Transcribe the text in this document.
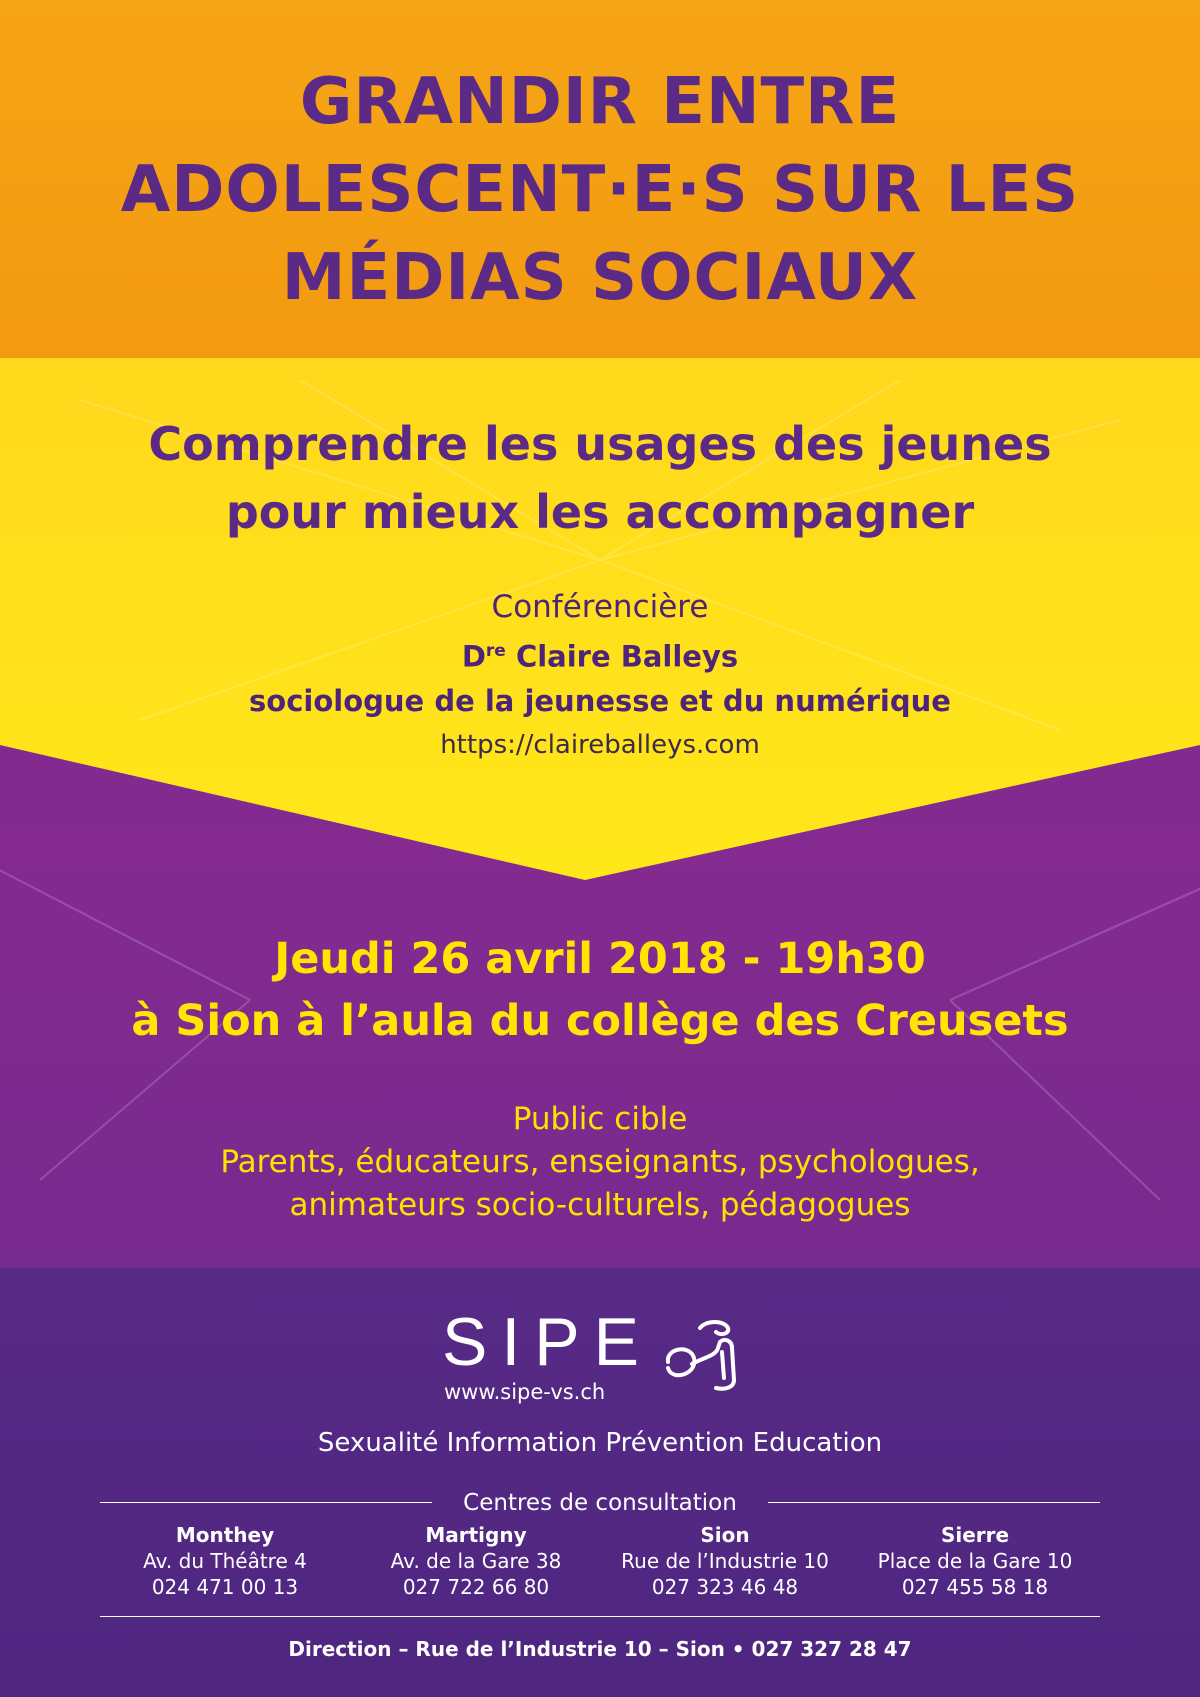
GRANDIR ENTRE
ADOLESCENT·E·S SUR LES
MÉDIAS SOCIAUX
Comprendre les usages des jeunes
pour mieux les accompagner
Conférencière
Dre Claire Balleys
sociologue de la jeunesse et du numérique
https://claireballeys.com
Jeudi 26 avril 2018 - 19h30
à Sion à l’aula du collège des Creusets
Public cible
Parents, éducateurs, enseignants, psychologues,
animateurs socio-culturels, pédagogues
SIPE
www.sipe-vs.ch
Sexualité Information Prévention Education
Centres de consultation
Monthey
Av. du Théâtre 4
024 471 00 13
Martigny
Av. de la Gare 38
027 722 66 80
Sion
Rue de l’Industrie 10
027 323 46 48
Sierre
Place de la Gare 10
027 455 58 18
Direction – Rue de l’Industrie 10 – Sion • 027 327 28 47
